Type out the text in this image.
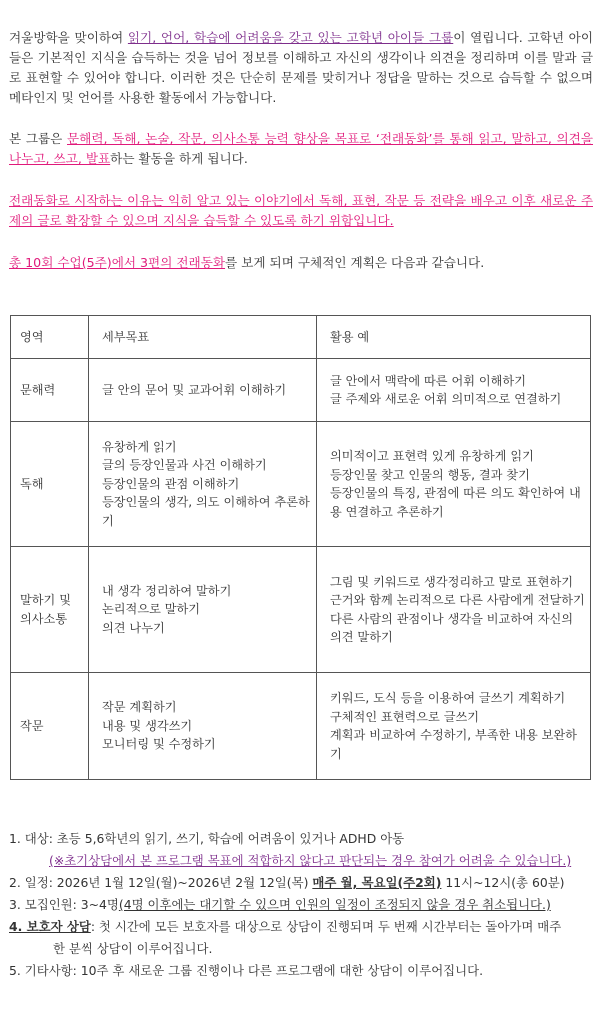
겨울방학을 맞이하여 읽기, 언어, 학습에 어려움을 갖고 있는 고학년 아이들 그룹이 열립니다. 고학년 아이들은 기본적인 지식을 습득하는 것을 넘어 정보를 이해하고 자신의 생각이나 의견을 정리하며 이를 말과 글로 표현할 수 있어야 합니다. 이러한 것은 단순히 문제를 맞히거나 정답을 말하는 것으로 습득할 수 없으며 메타인지 및 언어를 사용한 활동에서 가능합니다.

본 그룹은 문해력, 독해, 논술, 작문, 의사소통 능력 향상을 목표로 ‘전래동화’를 통해 읽고, 말하고, 의견을 나누고, 쓰고, 발표하는 활동을 하게 됩니다.

전래동화로 시작하는 이유는 익히 알고 있는 이야기에서 독해, 표현, 작문 등 전략을 배우고 이후 새로운 주제의 글로 확장할 수 있으며 지식을 습득할 수 있도록 하기 위함입니다.

총 10회 수업(5주)에서 3편의 전래동화를 보게 되며 구체적인 계획은 다음과 같습니다.

영역	세부목표	활용 예
문해력	글 안의 문어 및 교과어휘 이해하기	글 안에서 맥락에 따른 어휘 이해하기
글 주제와 새로운 어휘 의미적으로 연결하기

독해	유창하게 읽기
글의 등장인물과 사건 이해하기
등장인물의 관점 이해하기
등장인물의 생각, 의도 이해하여 추론하기	의미적이고 표현력 있게 유창하게 읽기
등장인물 찾고 인물의 행동, 결과 찾기
등장인물의 특징, 관점에 따른 의도 확인하여 내용 연결하고 추론하기

말하기 및 의사소통	내 생각 정리하여 말하기
논리적으로 말하기
의견 나누기	그림 및 키워드로 생각정리하고 말로 표현하기
근거와 함께 논리적으로 다른 사람에게 전달하기
다른 사람의 관점이나 생각을 비교하여 자신의 의견 말하기

작문	작문 계획하기
내용 및 생각쓰기
모니터링 및 수정하기	키워드, 도식 등을 이용하여 글쓰기 계획하기
구체적인 표현력으로 글쓰기
계획과 비교하여 수정하기, 부족한 내용 보완하기
1. 대상: 초등 5,6학년의 읽기, 쓰기, 학습에 어려움이 있거나 ADHD 아동
(※초기상담에서 본 프로그램 목표에 적합하지 않다고 판단되는 경우 참여가 어려울 수 있습니다.)
2. 일정: 2026년 1월 12일(월)~2026년 2월 12일(목) 매주 월, 목요일(주2회) 11시~12시(총 60분)
3. 모집인원: 3~4명(4명 이후에는 대기할 수 있으며 인원의 일정이 조정되지 않을 경우 취소됩니다.)
4. 보호자 상담: 첫 시간에 모든 보호자를 대상으로 상담이 진행되며 두 번째 시간부터는 돌아가며 매주
한 분씩 상담이 이루어집니다.
5. 기타사항: 10주 후 새로운 그룹 진행이나 다른 프로그램에 대한 상담이 이루어집니다.
